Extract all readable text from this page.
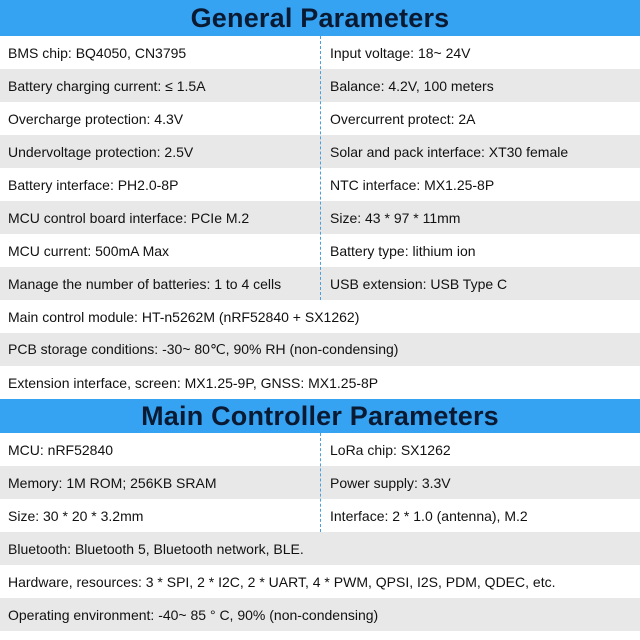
General Parameters
BMS chip: BQ4050, CN3795	Input voltage: 18~ 24V
Battery charging current: ≤ 1.5A	Balance: 4.2V, 100 meters
Overcharge protection: 4.3V	Overcurrent protect: 2A
Undervoltage protection: 2.5V	Solar and pack interface: XT30 female
Battery interface: PH2.0-8P	NTC interface: MX1.25-8P
MCU control board interface: PCIe M.2	Size: 43 * 97 * 11mm
MCU current: 500mA Max	Battery type: lithium ion
Manage the number of batteries: 1 to 4 cells	USB extension: USB Type C
Main control module: HT-n5262M (nRF52840 + SX1262)
PCB storage conditions: -30~ 80℃, 90% RH (non-condensing)
Extension interface, screen: MX1.25-9P, GNSS: MX1.25-8P
Main Controller Parameters
MCU: nRF52840	LoRa chip: SX1262
Memory: 1M ROM; 256KB SRAM	Power supply: 3.3V
Size: 30 * 20 * 3.2mm	Interface: 2 * 1.0 (antenna), M.2
Bluetooth: Bluetooth 5, Bluetooth network, BLE.
Hardware, resources: 3 * SPI, 2 * I2C, 2 * UART, 4 * PWM, QPSI, I2S, PDM, QDEC, etc.
Operating environment: -40~ 85 ° C, 90% (non-condensing)
